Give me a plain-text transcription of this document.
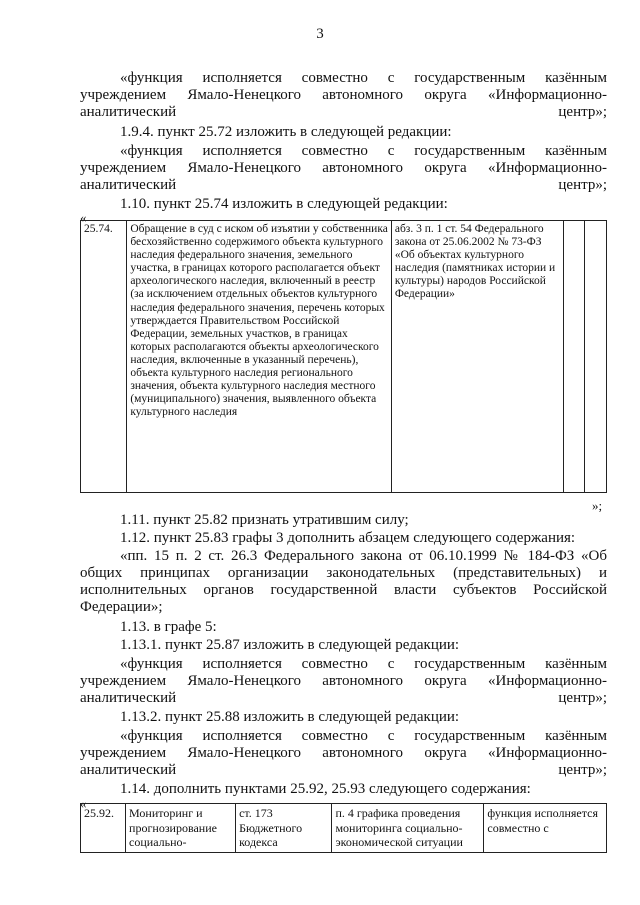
3
«функция исполняется совместно с государственным казённым учреждением Ямало-Ненецкого автономного округа «Информационно-аналитический центр»;
1.9.4. пункт 25.72 изложить в следующей редакции:
«функция исполняется совместно с государственным казённым учреждением Ямало-Ненецкого автономного округа «Информационно-аналитический центр»;
1.10. пункт 25.74 изложить в следующей редакции:
«
25.74.	Обращение в суд с иском об изъятии у собственника бесхозяйственно содержимого объекта культурного наследия федерального значения, земельного участка, в границах которого располагается объект археологического наследия, включенный в реестр (за исключением отдельных объектов культурного наследия федерального значения, перечень которых утверждается Правительством Российской Федерации, земельных участков, в границах которых располагаются объекты археологического наследия, включенные в указанный перечень), объекта культурного наследия регионального значения, объекта культурного наследия местного (муниципального) значения, выявленного объекта культурного наследия	абз. 3 п. 1 ст. 54 Федерального закона от 25.06.2002 № 73-ФЗ «Об объектах культурного наследия (памятниках истории и культуры) народов Российской Федерации»		
»;
1.11. пункт 25.82 признать утратившим силу;
1.12. пункт 25.83 графы 3 дополнить абзацем следующего содержания:
«пп. 15 п. 2 ст. 26.3 Федерального закона от 06.10.1999 № 184-ФЗ «Об общих принципах организации законодательных (представительных) и исполнительных органов государственной власти субъектов Российской Федерации»;
1.13. в графе 5:
1.13.1. пункт 25.87 изложить в следующей редакции:
«функция исполняется совместно с государственным казённым учреждением Ямало-Ненецкого автономного округа «Информационно-аналитический центр»;
1.13.2. пункт 25.88 изложить в следующей редакции:
«функция исполняется совместно с государственным казённым учреждением Ямало-Ненецкого автономного округа «Информационно-аналитический центр»;
1.14. дополнить пунктами 25.92, 25.93 следующего содержания:
«
25.92.	Мониторинг и прогнозирование социально-	ст. 173 Бюджетного кодекса	п. 4 графика проведения мониторинга социально-экономической ситуации	функция исполняется совместно с
